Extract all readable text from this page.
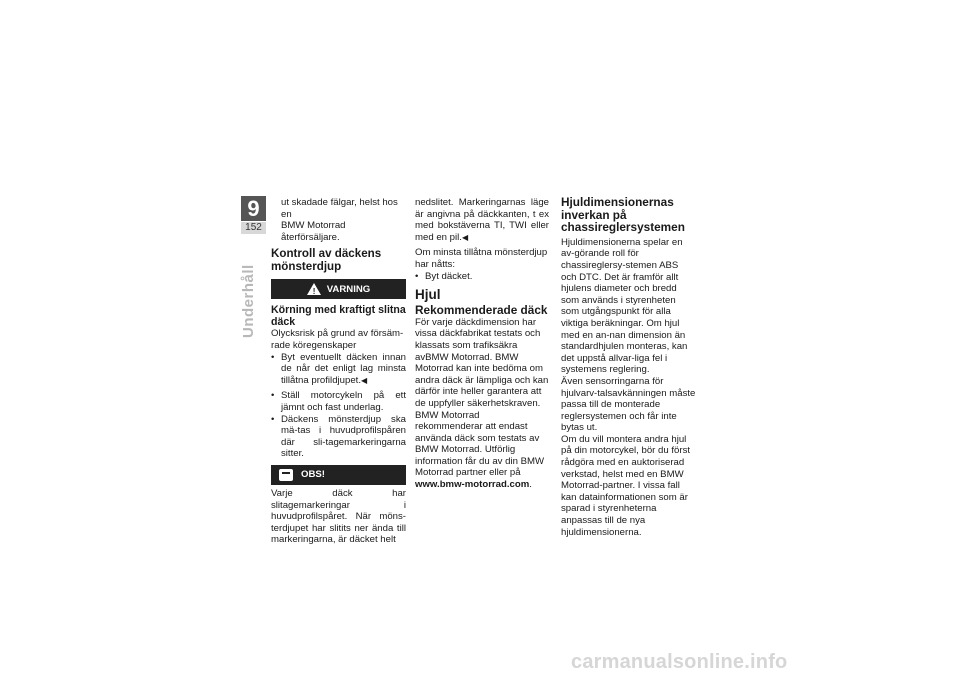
9
152
Underhåll

ut skadade fälgar, helst hos en

BMW Motorrad återförsäljare.

Kontroll av däckens mönsterdjup
! VARNING
Körning med kraftigt slitna däck

Olycksrisk på grund av försäm-rade köregenskaper

• Byt eventuellt däcken innan de når det enligt lag minsta tillåtna profildjupet.◀
• Ställ motorcykeln på ett jämnt och fast underlag.
• Däckens mönsterdjup ska mä-tas i huvudprofilspåren där sli-tagemarkeringarna sitter.
OBS!

Varje däck har slitagemarkeringar i huvudprofilspåret. När möns-terdjupet har slitits ner ända till markeringarna, är däcket helt

nedslitet. Markeringarnas läge är angivna på däckkanten, t ex med bokstäverna TI, TWI eller med en pil.◀

Om minsta tillåtna mönsterdjup har nåtts:

• Byt däcket.
Hjul
Rekommenderade däck

För varje däckdimension har vissa däckfabrikat testats och klassats som trafiksäkra avBMW Motorrad. BMW Motorrad kan inte bedöma om andra däck är lämpliga och kan därför inte heller garantera att de uppfyller säkerhetskraven. BMW Motorrad rekommenderar att endast använda däck som testats av BMW Motorrad. Utförlig information får du av din BMW Motorrad partner eller på www.bmw-motorrad.com.

Hjuldimensionernas inverkan på chassireglersystemen

Hjuldimensionerna spelar en av-görande roll för chassireglersy-stemen ABS och DTC. Det är framför allt hjulens diameter och bredd som används i styrenheten som utgångspunkt för alla viktiga beräkningar. Om hjul med en an-nan dimension än standardhjulen monteras, kan det uppstå allvar-liga fel i systemens reglering.

Även sensorringarna för hjulvarv-talsavkänningen måste passa till de monterade reglersystemen och får inte bytas ut.

Om du vill montera andra hjul på din motorcykel, bör du först rådgöra med en auktoriserad verkstad, helst med en BMW Motorrad-partner. I vissa fall kan datainformationen som är sparad i styrenheterna anpassas till de nya hjuldimensionerna.

carmanualsonline.info
